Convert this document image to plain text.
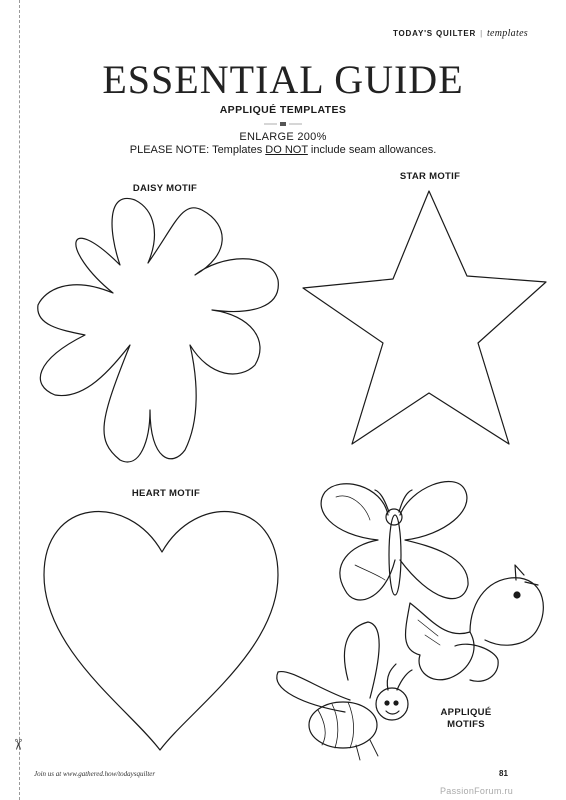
✂
TODAY'S QUILTER | templates
ESSENTIAL GUIDE
APPLIQUÉ TEMPLATES
ENLARGE 200%
PLEASE NOTE: Templates DO NOT include seam allowances.
DAISY MOTIF
STAR MOTIF
HEART MOTIF
APPLIQUÉ
MOTIFS
Join us at www.gathered.how/todaysquilter	81
PassionForum.ru
